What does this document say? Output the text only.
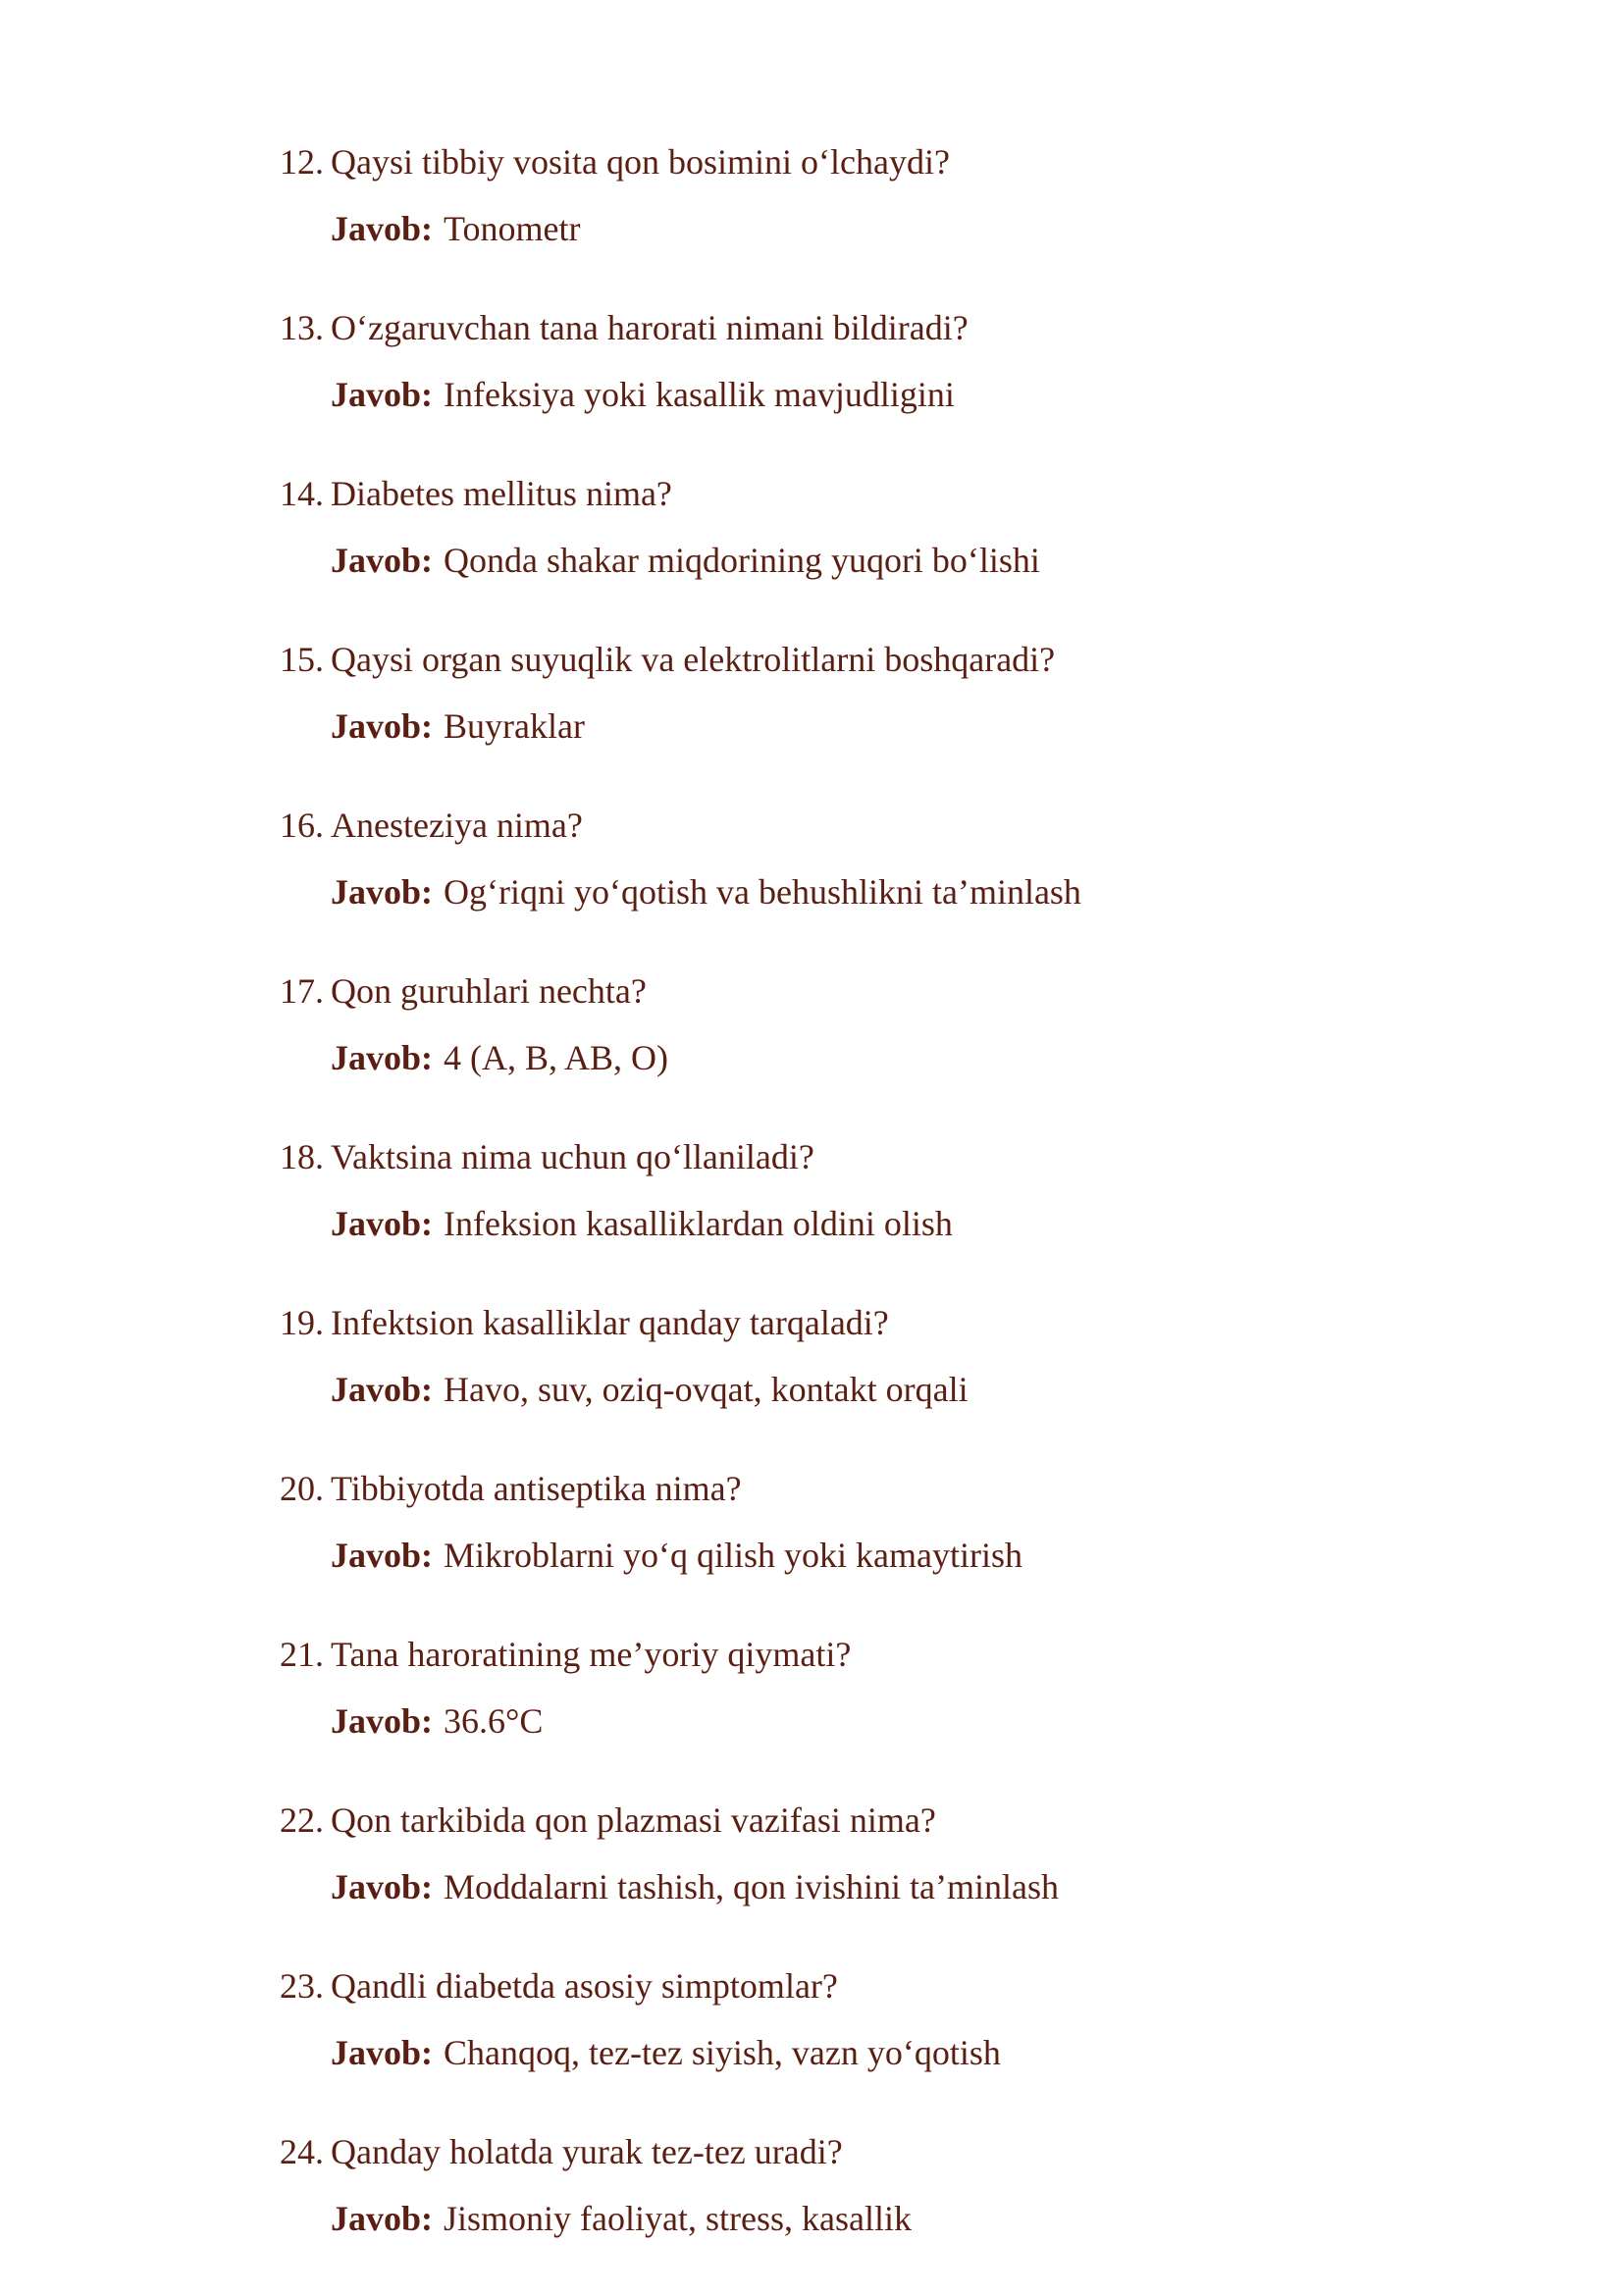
12. Qaysi tibbiy vosita qon bosimini oʻlchaydi?
Javob: Tonometr
13. Oʻzgaruvchan tana harorati nimani bildiradi?
Javob: Infeksiya yoki kasallik mavjudligini
14. Diabetes mellitus nima?
Javob: Qonda shakar miqdorining yuqori boʻlishi
15. Qaysi organ suyuqlik va elektrolitlarni boshqaradi?
Javob: Buyraklar
16. Anesteziya nima?
Javob: Ogʻriqni yoʻqotish va behushlikni ta’minlash
17. Qon guruhlari nechta?
Javob: 4 (A, B, AB, O)
18. Vaktsina nima uchun qoʻllaniladi?
Javob: Infeksion kasalliklardan oldini olish
19. Infektsion kasalliklar qanday tarqaladi?
Javob: Havo, suv, oziq-ovqat, kontakt orqali
20. Tibbiyotda antiseptika nima?
Javob: Mikroblarni yoʻq qilish yoki kamaytirish
21. Tana haroratining me’yoriy qiymati?
Javob: 36.6°C
22. Qon tarkibida qon plazmasi vazifasi nima?
Javob: Moddalarni tashish, qon ivishini ta’minlash
23. Qandli diabetda asosiy simptomlar?
Javob: Chanqoq, tez-tez siyish, vazn yoʻqotish
24. Qanday holatda yurak tez-tez uradi?
Javob: Jismoniy faoliyat, stress, kasallik
